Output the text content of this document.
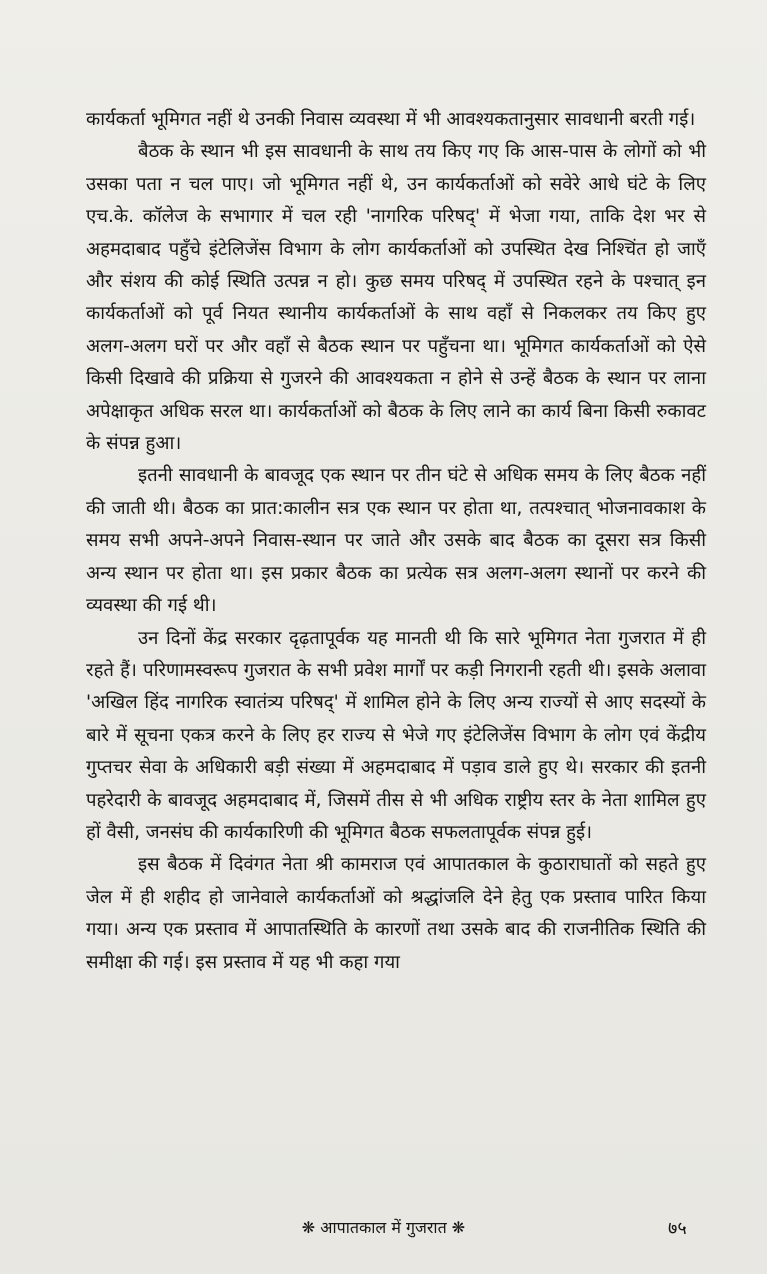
कार्यकर्ता भूमिगत नहीं थे उनकी निवास व्यवस्था में भी आवश्यकतानुसार सावधानी बरती गई।

बैठक के स्थान भी इस सावधानी के साथ तय किए गए कि आस-पास के लोगों को भी उसका पता न चल पाए। जो भूमिगत नहीं थे, उन कार्यकर्ताओं को सवेरे आधे घंटे के लिए एच.के. कॉलेज के सभागार में चल रही 'नागरिक परिषद्' में भेजा गया, ताकि देश भर से अहमदाबाद पहुँचे इंटेलिजेंस विभाग के लोग कार्यकर्ताओं को उपस्थित देख निश्चिंत हो जाएँ और संशय की कोई स्थिति उत्पन्न न हो। कुछ समय परिषद् में उपस्थित रहने के पश्चात् इन कार्यकर्ताओं को पूर्व नियत स्थानीय कार्यकर्ताओं के साथ वहाँ से निकलकर तय किए हुए अलग-अलग घरों पर और वहाँ से बैठक स्थान पर पहुँचना था। भूमिगत कार्यकर्ताओं को ऐसे किसी दिखावे की प्रक्रिया से गुजरने की आवश्यकता न होने से उन्हें बैठक के स्थान पर लाना अपेक्षाकृत अधिक सरल था। कार्यकर्ताओं को बैठक के लिए लाने का कार्य बिना किसी रुकावट के संपन्न हुआ।

इतनी सावधानी के बावजूद एक स्थान पर तीन घंटे से अधिक समय के लिए बैठक नहीं की जाती थी। बैठक का प्रात:कालीन सत्र एक स्थान पर होता था, तत्पश्चात् भोजनावकाश के समय सभी अपने-अपने निवास-स्थान पर जाते और उसके बाद बैठक का दूसरा सत्र किसी अन्य स्थान पर होता था। इस प्रकार बैठक का प्रत्येक सत्र अलग-अलग स्थानों पर करने की व्यवस्था की गई थी।

उन दिनों केंद्र सरकार दृढ़तापूर्वक यह मानती थी कि सारे भूमिगत नेता गुजरात में ही रहते हैं। परिणामस्वरूप गुजरात के सभी प्रवेश मार्गों पर कड़ी निगरानी रहती थी। इसके अलावा 'अखिल हिंद नागरिक स्वातंत्र्य परिषद्' में शामिल होने के लिए अन्य राज्यों से आए सदस्यों के बारे में सूचना एकत्र करने के लिए हर राज्य से भेजे गए इंटेलिजेंस विभाग के लोग एवं केंद्रीय गुप्तचर सेवा के अधिकारी बड़ी संख्या में अहमदाबाद में पड़ाव डाले हुए थे। सरकार की इतनी पहरेदारी के बावजूद अहमदाबाद में, जिसमें तीस से भी अधिक राष्ट्रीय स्तर के नेता शामिल हुए हों वैसी, जनसंघ की कार्यकारिणी की भूमिगत बैठक सफलतापूर्वक संपन्न हुई।

इस बैठक में दिवंगत नेता श्री कामराज एवं आपातकाल के कुठाराघातों को सहते हुए जेल में ही शहीद हो जानेवाले कार्यकर्ताओं को श्रद्धांजलि देने हेतु एक प्रस्ताव पारित किया गया। अन्य एक प्रस्ताव में आपातस्थिति के कारणों तथा उसके बाद की राजनीतिक स्थिति की समीक्षा की गई। इस प्रस्ताव में यह भी कहा गया

❋ आपातकाल में गुजरात ❋	७५
